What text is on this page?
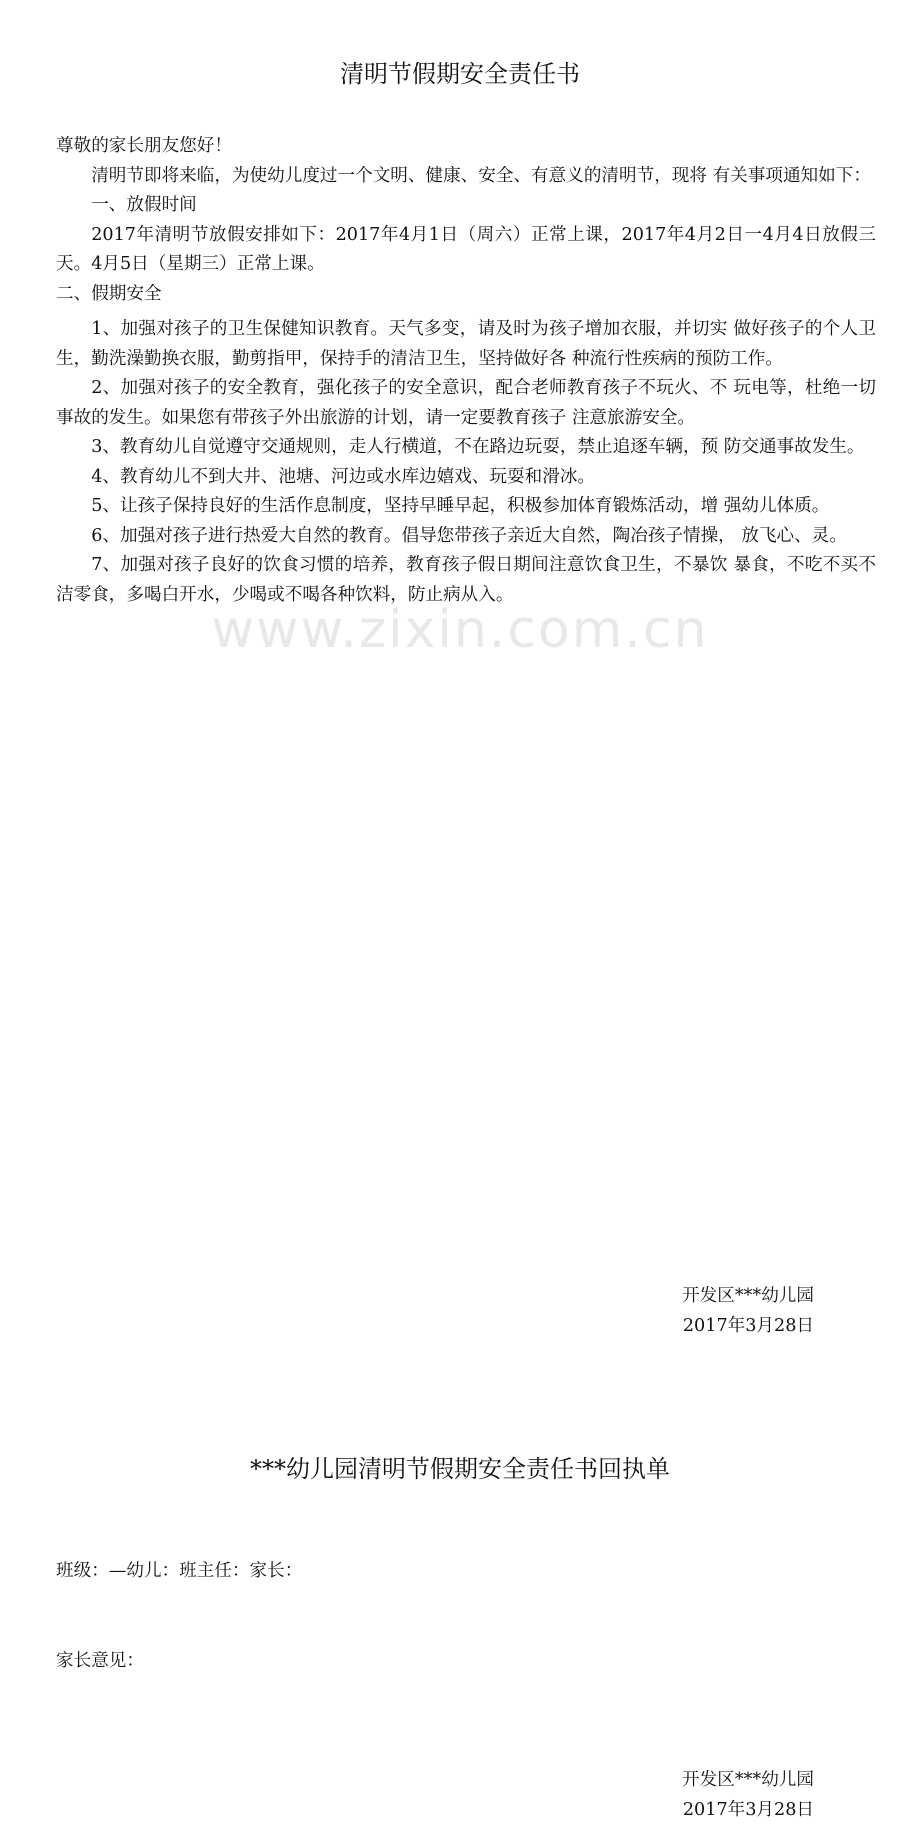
www.zixin.com.cn
清明节假期安全责任书

尊敬的家长朋友您好！

清明节即将来临，为使幼儿度过一个文明、健康、安全、有意义的清明节，现将 有关事项通知如下：

一、放假时间

2017年清明节放假安排如下：2017年4月1日（周六）正常上课，2017年4月2日一4月4日放假三天。4月5日（星期三）正常上课。

二、假期安全

1、加强对孩子的卫生保健知识教育。天气多变，请及时为孩子增加衣服，并切实 做好孩子的个人卫生，勤洗澡勤换衣服，勤剪指甲，保持手的清洁卫生，坚持做好各 种流行性疾病的预防工作。

2、加强对孩子的安全教育，强化孩子的安全意识，配合老师教育孩子不玩火、不 玩电等，杜绝一切事故的发生。如果您有带孩子外出旅游的计划，请一定要教育孩子 注意旅游安全。

3、教育幼儿自觉遵守交通规则，走人行横道，不在路边玩耍，禁止追逐车辆，预 防交通事故发生。

4、教育幼儿不到大井、池塘、河边或水库边嬉戏、玩耍和滑冰。

5、让孩子保持良好的生活作息制度，坚持早睡早起，积极参加体育锻炼活动，增 强幼儿体质。

6、加强对孩子进行热爱大自然的教育。倡导您带孩子亲近大自然，陶冶孩子情操， 放飞心、灵。

7、加强对孩子良好的饮食习惯的培养，教育孩子假日期间注意饮食卫生，不暴饮 暴食，不吃不买不洁零食，多喝白开水，少喝或不喝各种饮料，防止病从入。

开发区***幼儿园
2017年3月28日
***幼儿园清明节假期安全责任书回执单
班级：—幼儿：班主任：家长：
家长意见：
开发区***幼儿园
2017年3月28日
